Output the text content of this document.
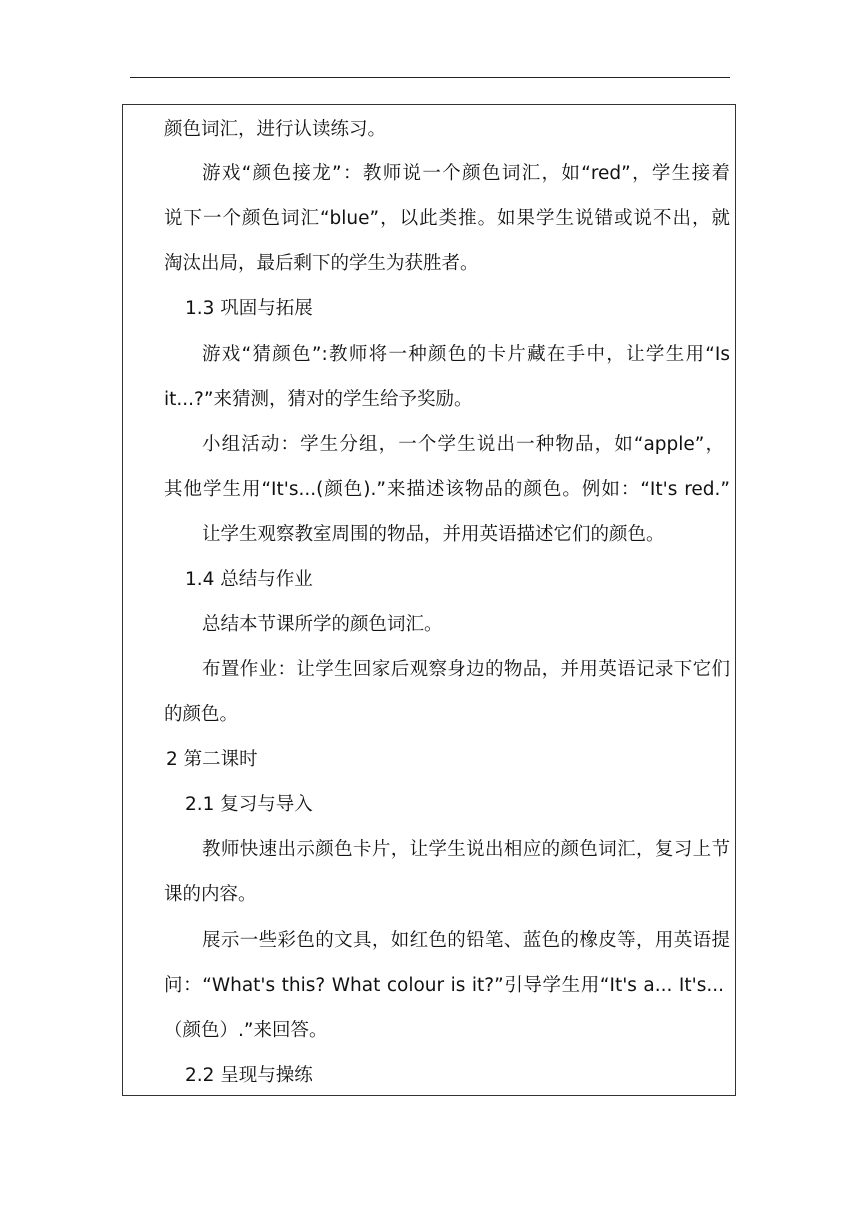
颜色词汇，进行认读练习。
游戏“颜色接龙”：教师说一个颜色词汇，如“red”，学生接着
说下一个颜色词汇“blue”，以此类推。如果学生说错或说不出，就
淘汰出局，最后剩下的学生为获胜者。
1.3 巩固与拓展
游戏“猜颜色”:教师将一种颜色的卡片藏在手中，让学生用“Is
it...?”来猜测，猜对的学生给予奖励。
小组活动：学生分组，一个学生说出一种物品，如“apple”，
其他学生用“It's...(颜色).”来描述该物品的颜色。例如：“It's red.”
让学生观察教室周围的物品，并用英语描述它们的颜色。
1.4 总结与作业
总结本节课所学的颜色词汇。
布置作业：让学生回家后观察身边的物品，并用英语记录下它们
的颜色。
2 第二课时
2.1 复习与导入
教师快速出示颜色卡片，让学生说出相应的颜色词汇，复习上节
课的内容。
展示一些彩色的文具，如红色的铅笔、蓝色的橡皮等，用英语提
问：“What's this? What colour is it?”引导学生用“It's a... It's...
（颜色）.”来回答。
2.2 呈现与操练
